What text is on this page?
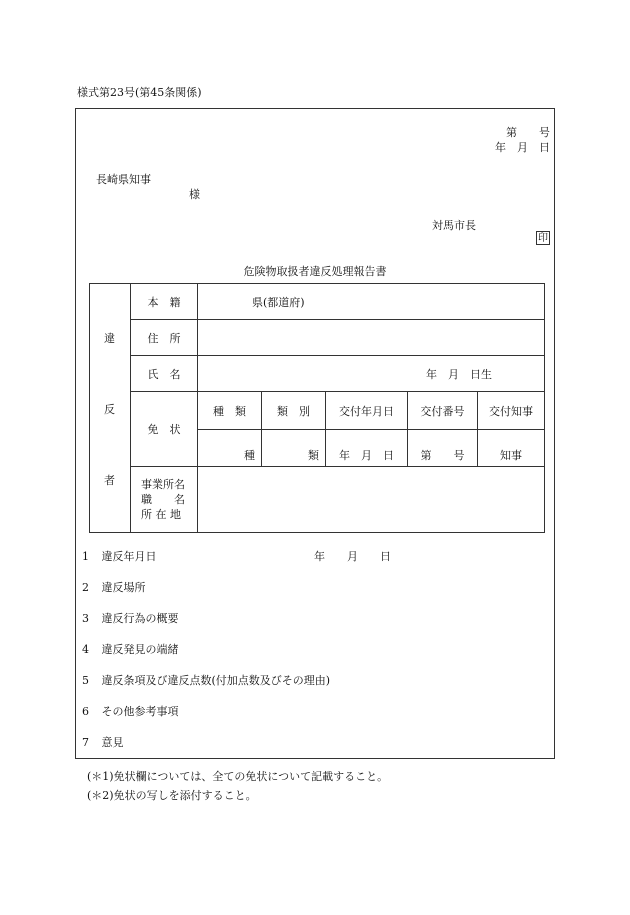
様式第23号(第45条関係)
第　　号
年　月　日
長崎県知事
様
対馬市長
印
危険物取扱者違反処理報告書
違
反
者	本　籍	県(都道府)				
	住　所					
	氏　名	年　月　日生				
	免　状	種　類	類　別	交付年月日	交付番号	交付知事
		種	類	年　月　日	第　　号	知事

	事業所名
職　　名
所 在 地					

1 違反年月日	年　　月　　日
2 違反場所
3 違反行為の概要
4 違反発見の端緒
5 違反条項及び違反点数(付加点数及びその理由)
6 その他参考事項
7 意見
(＊1)免状欄については、全ての免状について記載すること。
(＊2)免状の写しを添付すること。
